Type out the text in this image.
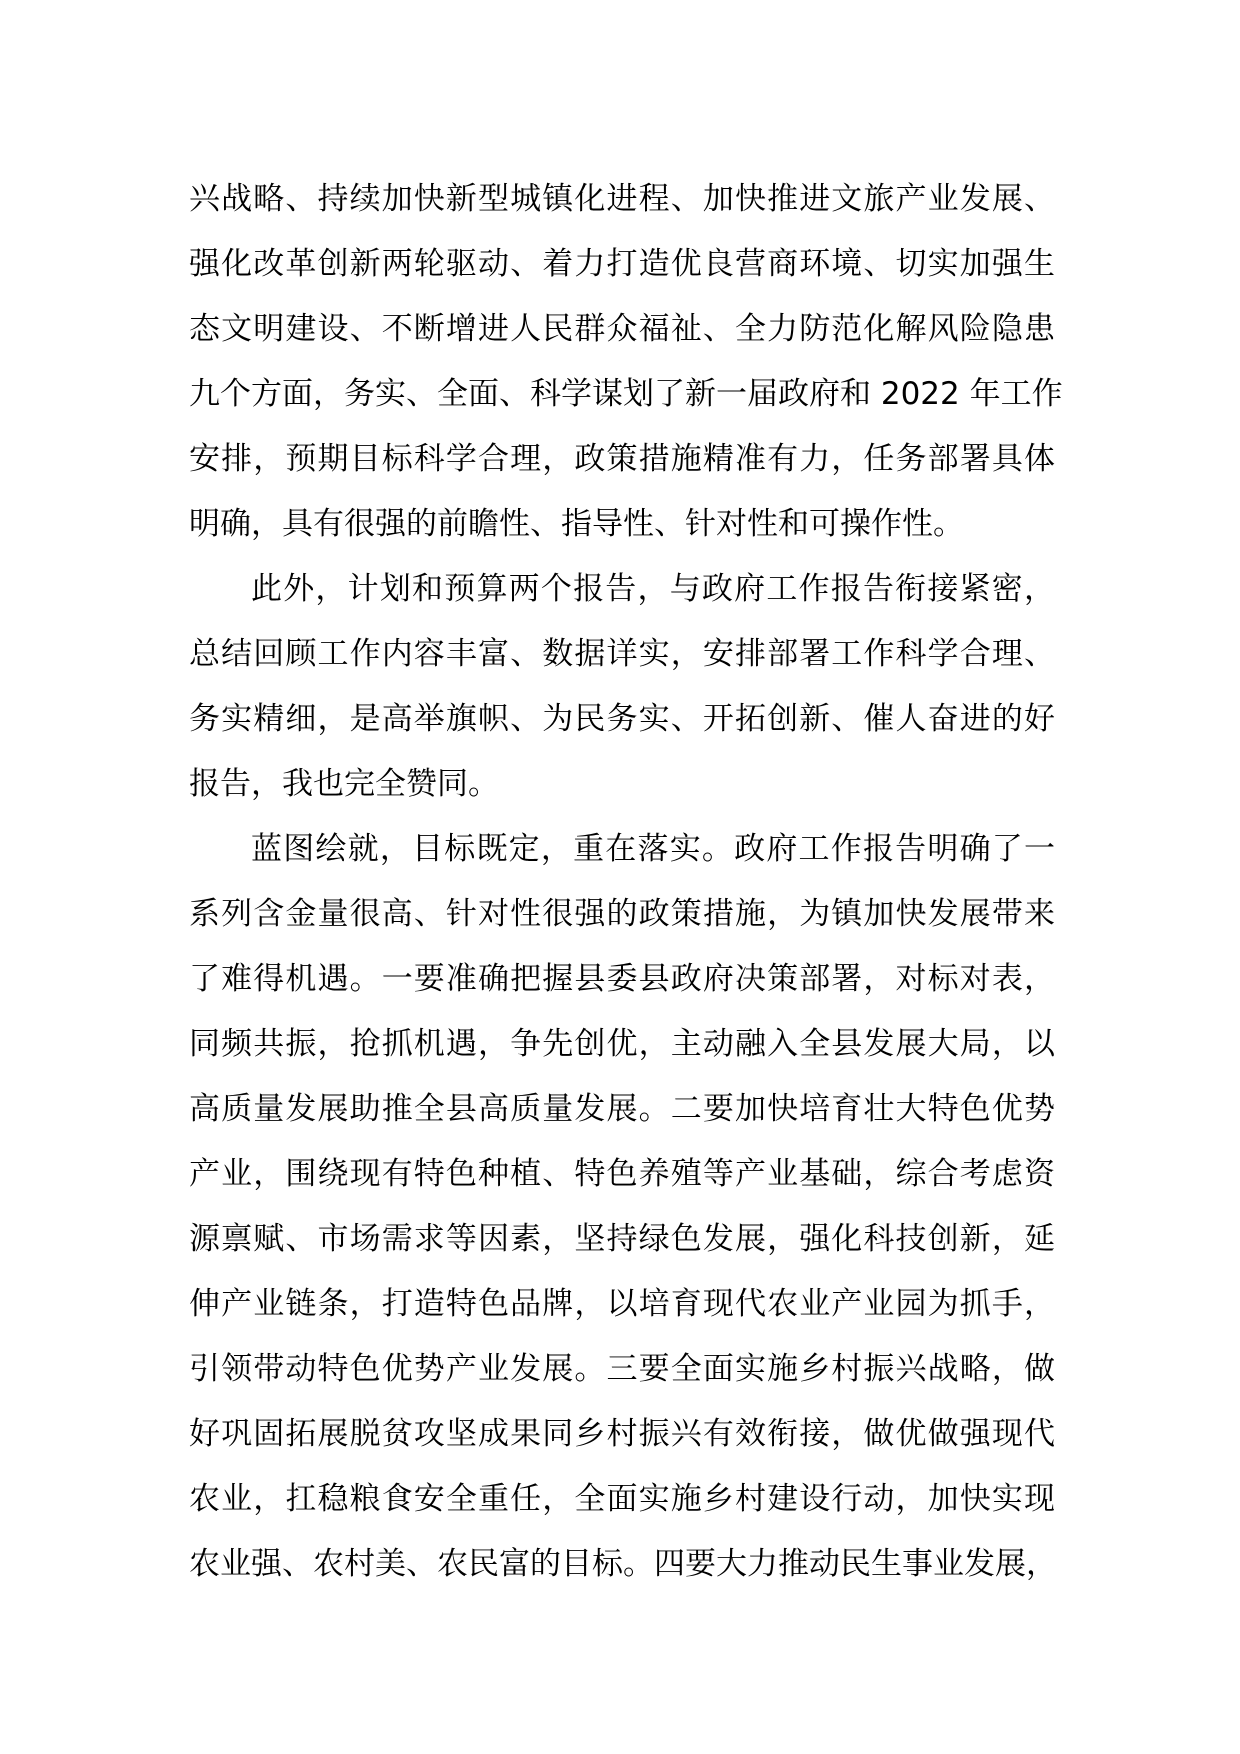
兴战略、持续加快新型城镇化进程、加快推进文旅产业发展、
强化改革创新两轮驱动、着力打造优良营商环境、切实加强生
态文明建设、不断增进人民群众福祉、全力防范化解风险隐患
九个方面，务实、全面、科学谋划了新一届政府和 2022 年工作
安排，预期目标科学合理，政策措施精准有力，任务部署具体
明确，具有很强的前瞻性、指导性、针对性和可操作性。
此外，计划和预算两个报告，与政府工作报告衔接紧密，
总结回顾工作内容丰富、数据详实，安排部署工作科学合理、
务实精细，是高举旗帜、为民务实、开拓创新、催人奋进的好
报告，我也完全赞同。
蓝图绘就，目标既定，重在落实。政府工作报告明确了一
系列含金量很高、针对性很强的政策措施，为镇加快发展带来
了难得机遇。一要准确把握县委县政府决策部署，对标对表，
同频共振，抢抓机遇，争先创优，主动融入全县发展大局，以
高质量发展助推全县高质量发展。二要加快培育壮大特色优势
产业，围绕现有特色种植、特色养殖等产业基础，综合考虑资
源禀赋、市场需求等因素，坚持绿色发展，强化科技创新，延
伸产业链条，打造特色品牌，以培育现代农业产业园为抓手，
引领带动特色优势产业发展。三要全面实施乡村振兴战略，做
好巩固拓展脱贫攻坚成果同乡村振兴有效衔接，做优做强现代
农业，扛稳粮食安全重任，全面实施乡村建设行动，加快实现
农业强、农村美、农民富的目标。四要大力推动民生事业发展，
